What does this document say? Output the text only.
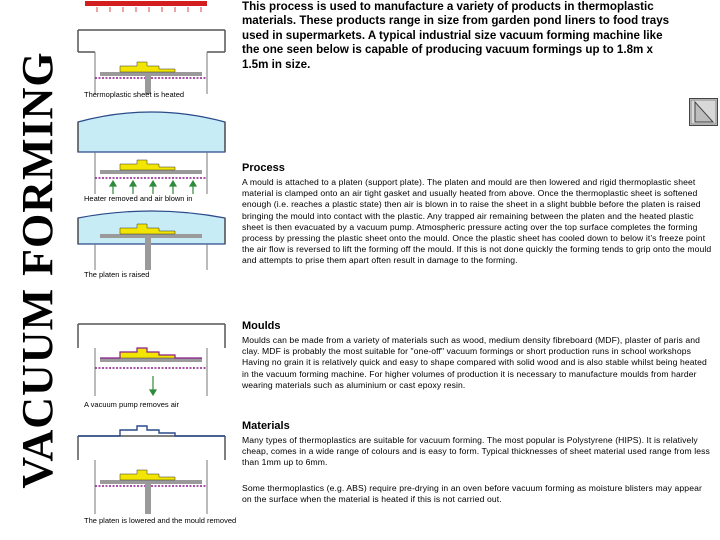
VACUUM FORMING	Thermoplastic sheet is heated
Heater removed and air blown in
The platen is raised
A vacuum pump removes air
The platen is lowered and the mould removed
This process is used to manufacture a variety of products in thermoplastic materials. These products range in size from garden pond liners to food trays used in supermarkets. A typical industrial size vacuum forming machine like the one seen below is capable of producing vacuum formings up to 1.8m x 1.5m in size.
Process
A mould is attached to a platen (support plate). The platen and mould are then lowered and rigid thermoplastic sheet material is clamped onto an air tight gasket and usually heated from above. Once the thermoplastic sheet is softened enough (i.e. reaches a plastic state) then air is blown in to raise the sheet in a slight bubble before the platen is raised bringing the mould into contact with the plastic. Any trapped air remaining between the platen and the heated plastic sheet is then evacuated by a vacuum pump. Atmospheric pressure acting over the top surface completes the forming process by pressing the plastic sheet onto the mould. Once the plastic sheet has cooled down to below it’s freeze point the air flow is reversed to lift the forming off the mould. If this is not done quickly the forming tends to grip onto the mould and attempts to prise them apart often result in damage to the forming.
Moulds
Moulds can be made from a variety of materials such as wood, medium density fibreboard (MDF), plaster of paris and clay. MDF is probably the most suitable for "one-off" vacuum formings or short production runs in school workshops Having no grain it is relatively quick and easy to shape compared with solid wood and is also stable whilst being heated in the vacuum forming machine. For higher volumes of production it is necessary to manufacture moulds from harder wearing materials such as aluminium or cast epoxy resin.
Materials
Many types of thermoplastics are suitable for vacuum forming. The most popular is Polystyrene (HIPS). It is relatively cheap, comes in a wide range of colours and is easy to form. Typical thicknesses of sheet material used range from less than 1mm up to 6mm.
Some thermoplastics (e.g. ABS) require pre-drying in an oven before vacuum forming as moisture blisters may appear on the surface when the material is heated if this is not carried out.
